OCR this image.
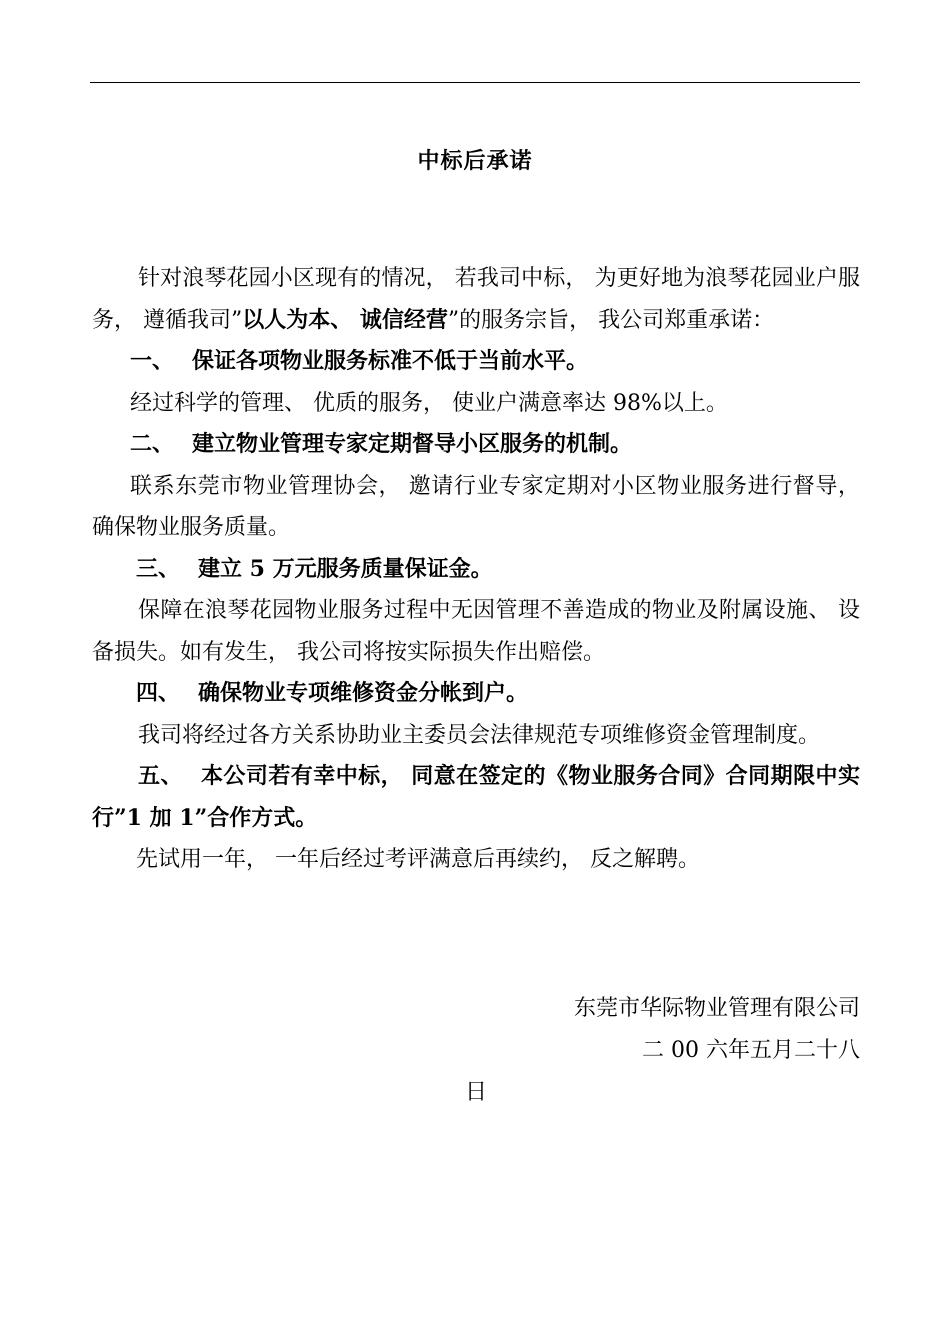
中标后承诺

针对浪琴花园小区现有的情况， 若我司中标， 为更好地为浪琴花园业户服务， 遵循我司”以人为本、 诚信经营”的服务宗旨， 我公司郑重承诺：

一、 保证各项物业服务标准不低于当前水平。

经过科学的管理、 优质的服务， 使业户满意率达 98%以上。

二、 建立物业管理专家定期督导小区服务的机制。

联系东莞市物业管理协会， 邀请行业专家定期对小区物业服务进行督导， 确保物业服务质量。

三、 建立 5 万元服务质量保证金。

保障在浪琴花园物业服务过程中无因管理不善造成的物业及附属设施、 设备损失。如有发生， 我公司将按实际损失作出赔偿。

四、 确保物业专项维修资金分帐到户。

我司将经过各方关系协助业主委员会法律规范专项维修资金管理制度。

五、 本公司若有幸中标， 同意在签定的《物业服务合同》合同期限中实行”1 加 1”合作方式。

先试用一年， 一年后经过考评满意后再续约， 反之解聘。

东莞市华际物业管理有限公司
二 00 六年五月二十八
日
